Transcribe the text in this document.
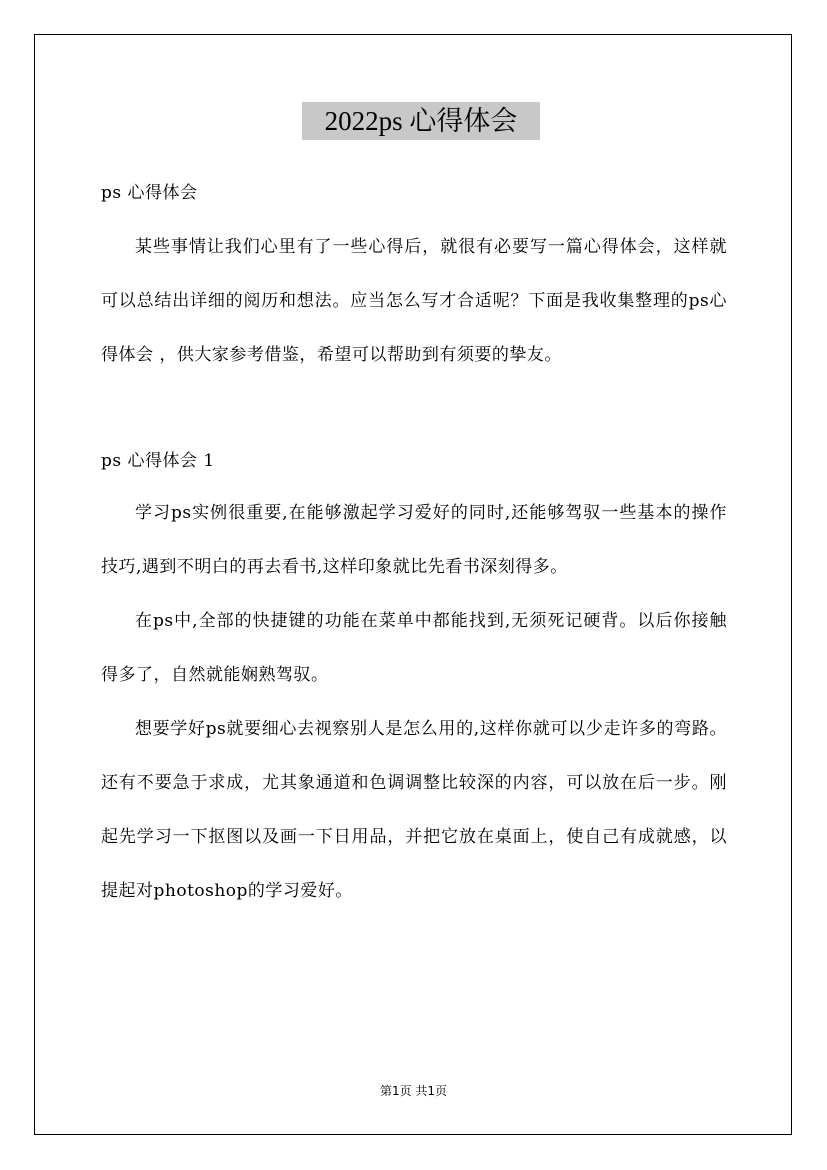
2022ps 心得体会

ps 心得体会

某些事情让我们心里有了一些心得后，就很有必要写一篇心得体会，这样就可以总结出详细的阅历和想法。应当怎么写才合适呢？下面是我收集整理的ps心得体会 ，供大家参考借鉴，希望可以帮助到有须要的挚友。

ps 心得体会 1

学习ps实例很重要,在能够激起学习爱好的同时,还能够驾驭一些基本的操作技巧,遇到不明白的再去看书,这样印象就比先看书深刻得多。

在ps中,全部的快捷键的功能在菜单中都能找到,无须死记硬背。以后你接触得多了，自然就能娴熟驾驭。

想要学好ps就要细心去视察别人是怎么用的,这样你就可以少走许多的弯路。还有不要急于求成，尤其象通道和色调调整比较深的内容，可以放在后一步。刚起先学习一下抠图以及画一下日用品，并把它放在桌面上，使自己有成就感，以提起对photoshop的学习爱好。

第1页 共1页
